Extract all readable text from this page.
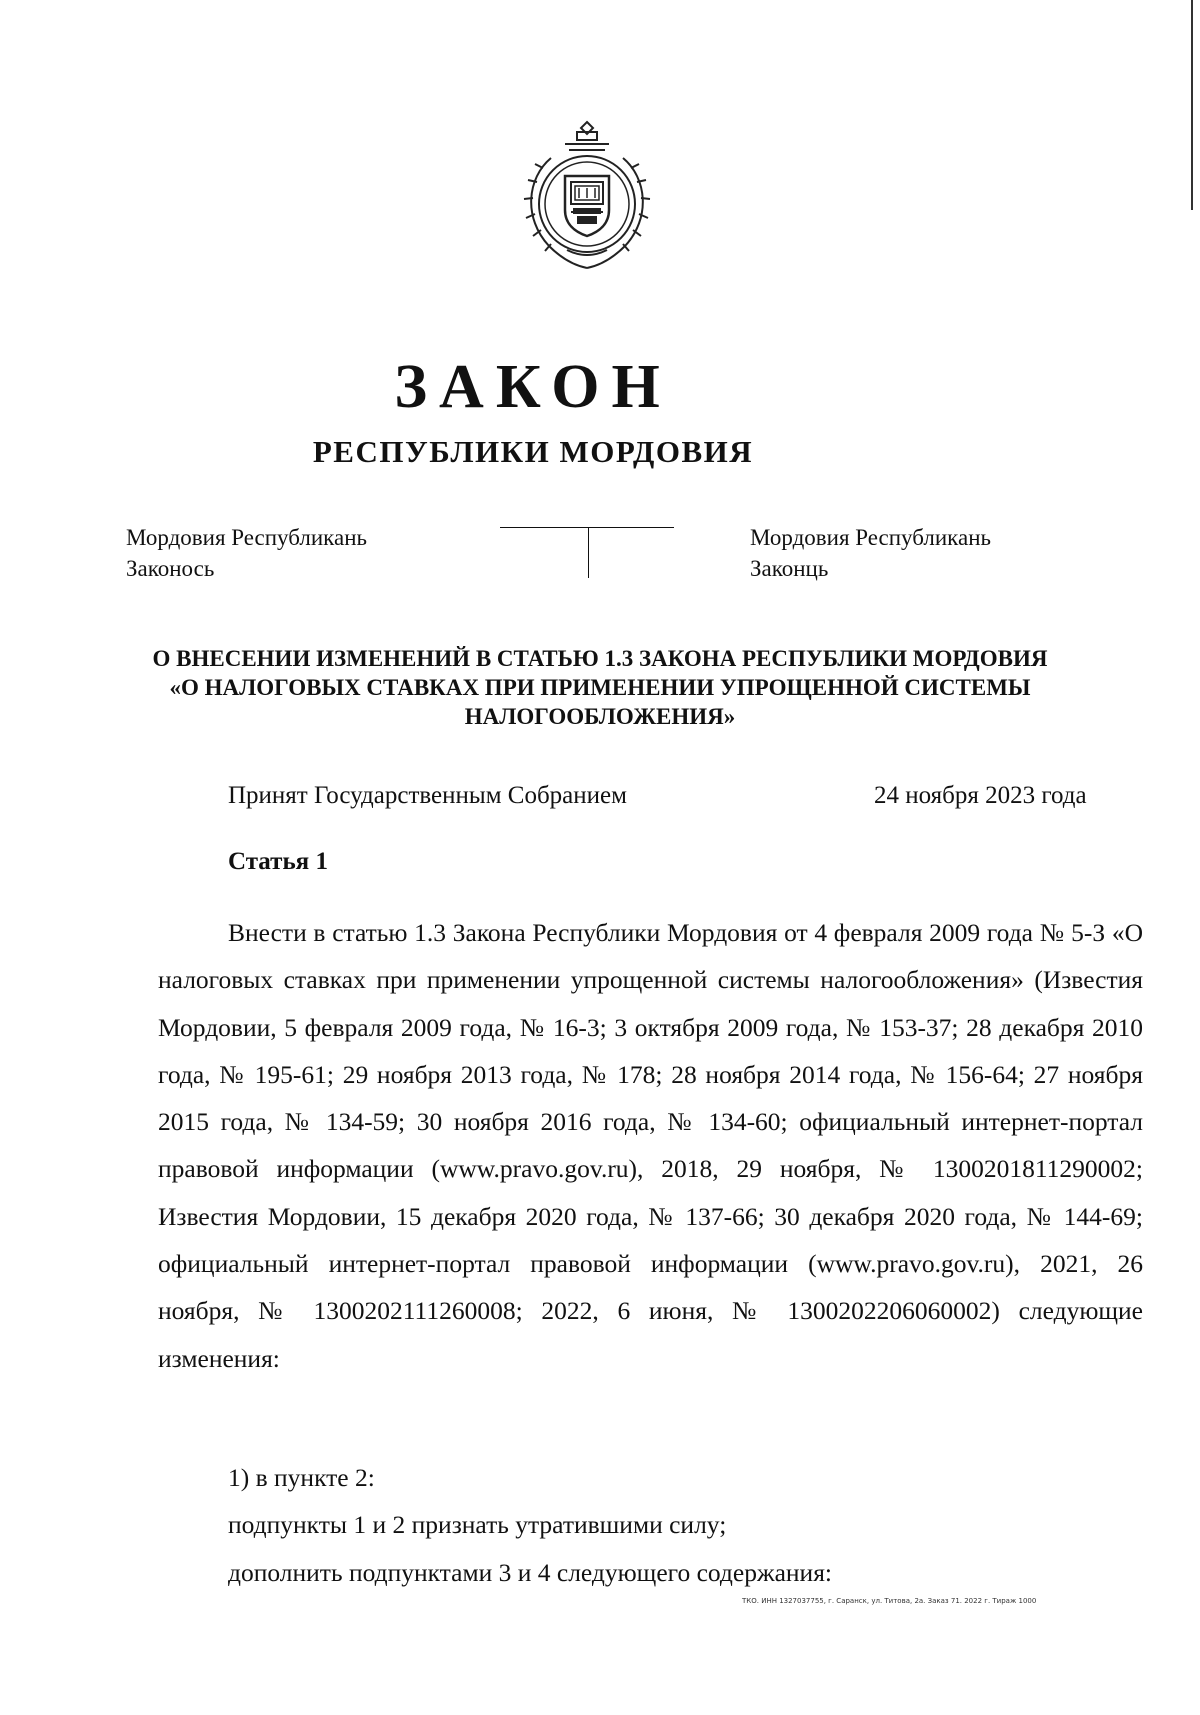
ЗАКОН
РЕСПУБЛИКИ МОРДОВИЯ
Мордовия Республикань
Законось
Мордовия Республикань
Законць
О ВНЕСЕНИИ ИЗМЕНЕНИЙ В СТАТЬЮ 1.3 ЗАКОНА РЕСПУБЛИКИ МОРДОВИЯ
«О НАЛОГОВЫХ СТАВКАХ ПРИ ПРИМЕНЕНИИ УПРОЩЕННОЙ СИСТЕМЫ
НАЛОГООБЛОЖЕНИЯ»
Принят Государственным Собранием	24 ноября 2023 года
Статья 1

Внести в статью 1.3 Закона Республики Мордовия от 4 февраля 2009 года № 5-З «О налоговых ставках при применении упрощенной системы налогообложения» (Известия Мордовии, 5 февраля 2009 года, № 16-3; 3 октября 2009 года, № 153-37; 28 декабря 2010 года, № 195-61; 29 ноября 2013 года, № 178; 28 ноября 2014 года, № 156-64; 27 ноября 2015 года, № 134-59; 30 ноября 2016 года, № 134-60; официальный интернет-портал правовой информации (www.pravo.gov.ru), 2018, 29 ноября, № 1300201811290002; Известия Мордовии, 15 декабря 2020 года, № 137-66; 30 декабря 2020 года, № 144-69; официальный интернет-портал правовой информации (www.pravo.gov.ru), 2021, 26 ноября, № 1300202111260008; 2022, 6 июня, № 1300202206060002) следующие изменения:

1) в пункте 2:
подпункты 1 и 2 признать утратившими силу;
дополнить подпунктами 3 и 4 следующего содержания:
ТКО. ИНН 1327037755, г. Саранск, ул. Титова, 2а. Заказ 71. 2022 г. Тираж 1000
